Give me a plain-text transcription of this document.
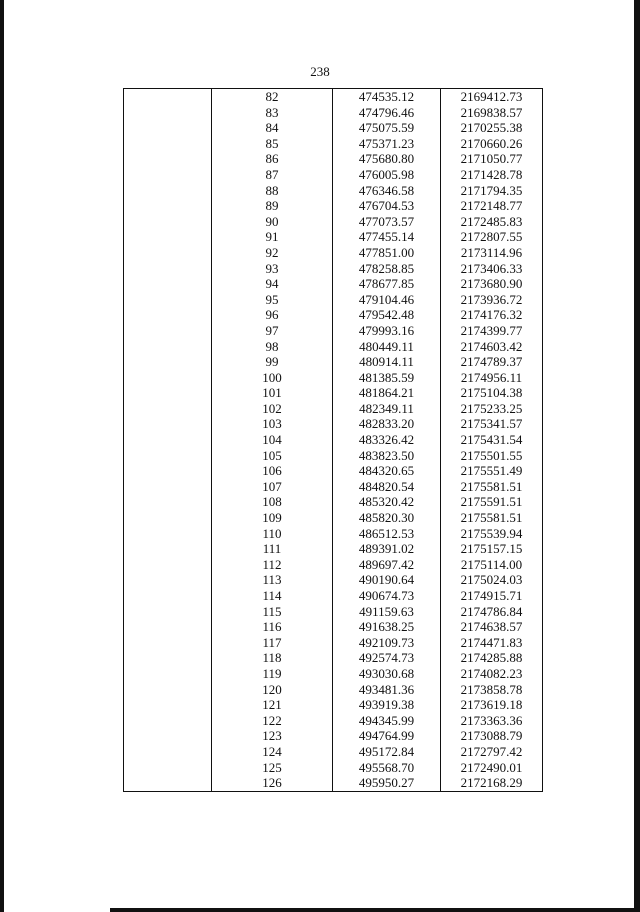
238
	82	474535.12	2169412.73
	83	474796.46	2169838.57
	84	475075.59	2170255.38
	85	475371.23	2170660.26
	86	475680.80	2171050.77
	87	476005.98	2171428.78
	88	476346.58	2171794.35
	89	476704.53	2172148.77
	90	477073.57	2172485.83
	91	477455.14	2172807.55
	92	477851.00	2173114.96
	93	478258.85	2173406.33
	94	478677.85	2173680.90
	95	479104.46	2173936.72
	96	479542.48	2174176.32
	97	479993.16	2174399.77
	98	480449.11	2174603.42
	99	480914.11	2174789.37
	100	481385.59	2174956.11
	101	481864.21	2175104.38
	102	482349.11	2175233.25
	103	482833.20	2175341.57
	104	483326.42	2175431.54
	105	483823.50	2175501.55
	106	484320.65	2175551.49
	107	484820.54	2175581.51
	108	485320.42	2175591.51
	109	485820.30	2175581.51
	110	486512.53	2175539.94
	111	489391.02	2175157.15
	112	489697.42	2175114.00
	113	490190.64	2175024.03
	114	490674.73	2174915.71
	115	491159.63	2174786.84
	116	491638.25	2174638.57
	117	492109.73	2174471.83
	118	492574.73	2174285.88
	119	493030.68	2174082.23
	120	493481.36	2173858.78
	121	493919.38	2173619.18
	122	494345.99	2173363.36
	123	494764.99	2173088.79
	124	495172.84	2172797.42
	125	495568.70	2172490.01
	126	495950.27	2172168.29
